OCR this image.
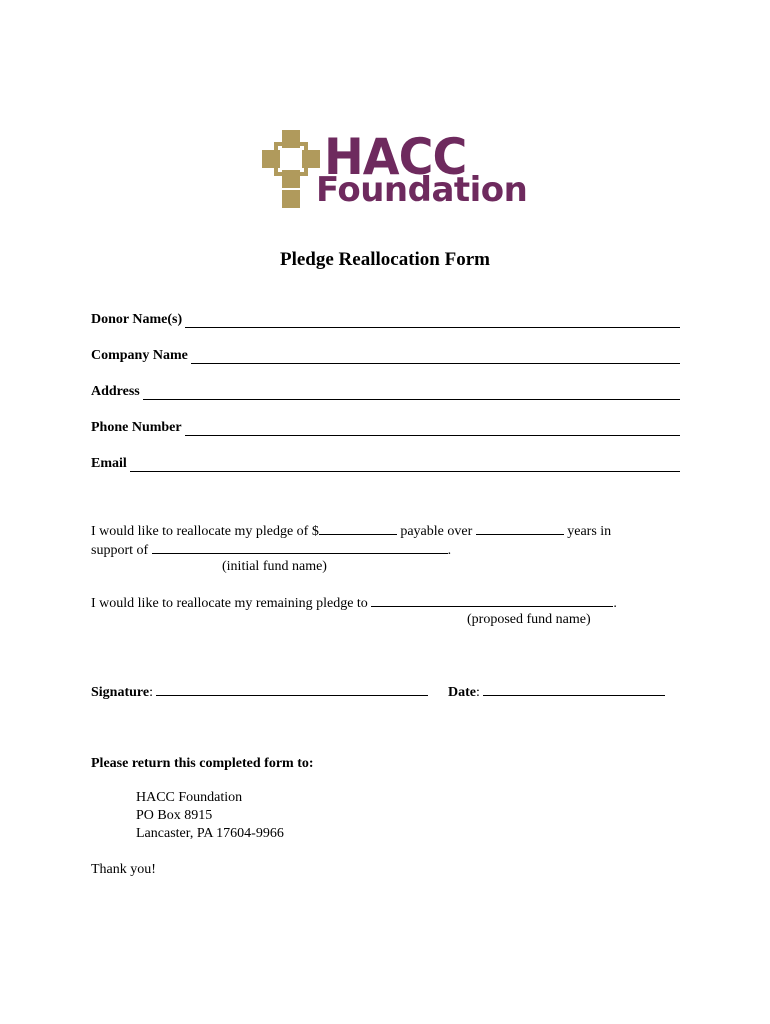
HACC
Foundation
Pledge Reallocation Form
Donor Name(s)
Company Name
Address
Phone Number
Email
I would like to reallocate my pledge of $	payable over	years in
support of	.
(initial fund name)
I would like to reallocate my remaining pledge to	.
(proposed fund name)
Signature:	Date:
Please return this completed form to:
HACC Foundation
PO Box 8915
Lancaster, PA 17604-9966
Thank you!
